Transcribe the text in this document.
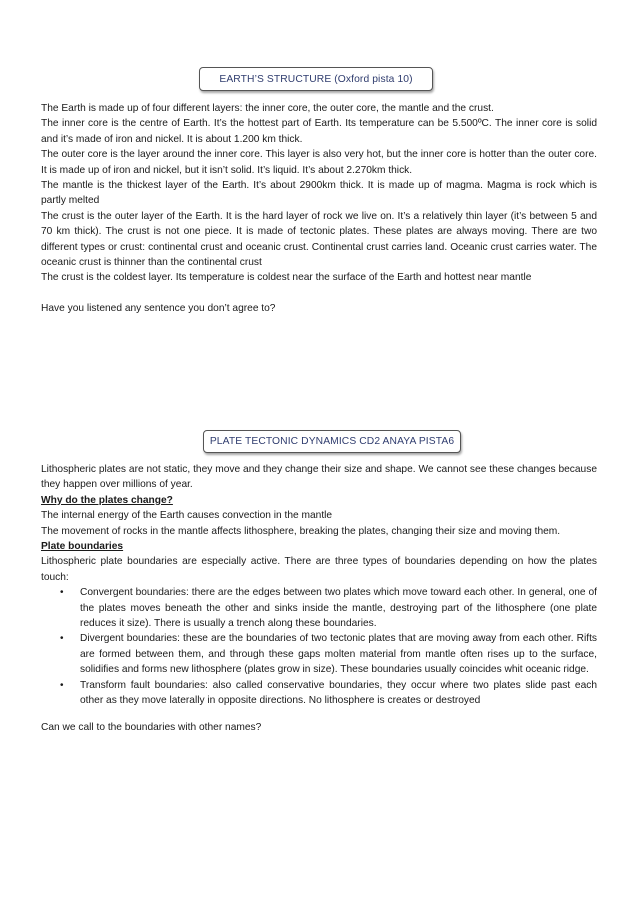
EARTH’S STRUCTURE (Oxford pista 10)

The Earth is made up of four different layers: the inner core, the outer core, the mantle and the crust.

The inner core is the centre of Earth. It’s the hottest part of Earth. Its temperature can be 5.500ºC. The inner core is solid and it’s made of iron and nickel. It is about 1.200 km thick.

The outer core is the layer around the inner core. This layer is also very hot, but the inner core is hotter than the outer core. It is made up of iron and nickel, but it isn’t solid. It’s liquid. It’s about 2.270km thick.

The mantle is the thickest layer of the Earth. It’s about 2900km thick. It is made up of magma. Magma is rock which is partly melted

The crust is the outer layer of the Earth. It is the hard layer of rock we live on. It’s a relatively thin layer (it’s between 5 and 70 km thick). The crust is not one piece. It is made of tectonic plates. These plates are always moving. There are two different types or crust: continental crust and oceanic crust. Continental crust carries land. Oceanic crust carries water. The oceanic crust is thinner than the continental crust

The crust is the coldest layer. Its temperature is coldest near the surface of the Earth and hottest near mantle

Have you listened any sentence you don’t agree to?
PLATE TECTONIC DYNAMICS CD2 ANAYA PISTA6

Lithospheric plates are not static, they move and they change their size and shape. We cannot see these changes because they happen over millions of year.

Why do the plates change?

The internal energy of the Earth causes convection in the mantle

The movement of rocks in the mantle affects lithosphere, breaking the plates, changing their size and moving them.

Plate boundaries

Lithospheric plate boundaries are especially active. There are three types of boundaries depending on how the plates touch:

• Convergent boundaries: there are the edges between two plates which move toward each other. In general, one of the plates moves beneath the other and sinks inside the mantle, destroying part of the lithosphere (one plate reduces it size). There is usually a trench along these boundaries.
• Divergent boundaries: these are the boundaries of two tectonic plates that are moving away from each other. Rifts are formed between them, and through these gaps molten material from mantle often rises up to the surface, solidifies and forms new lithosphere (plates grow in size). These boundaries usually coincides whit oceanic ridge.
• Transform fault boundaries: also called conservative boundaries, they occur where two plates slide past each other as they move laterally in opposite directions. No lithosphere is creates or destroyed
Can we call to the boundaries with other names?
